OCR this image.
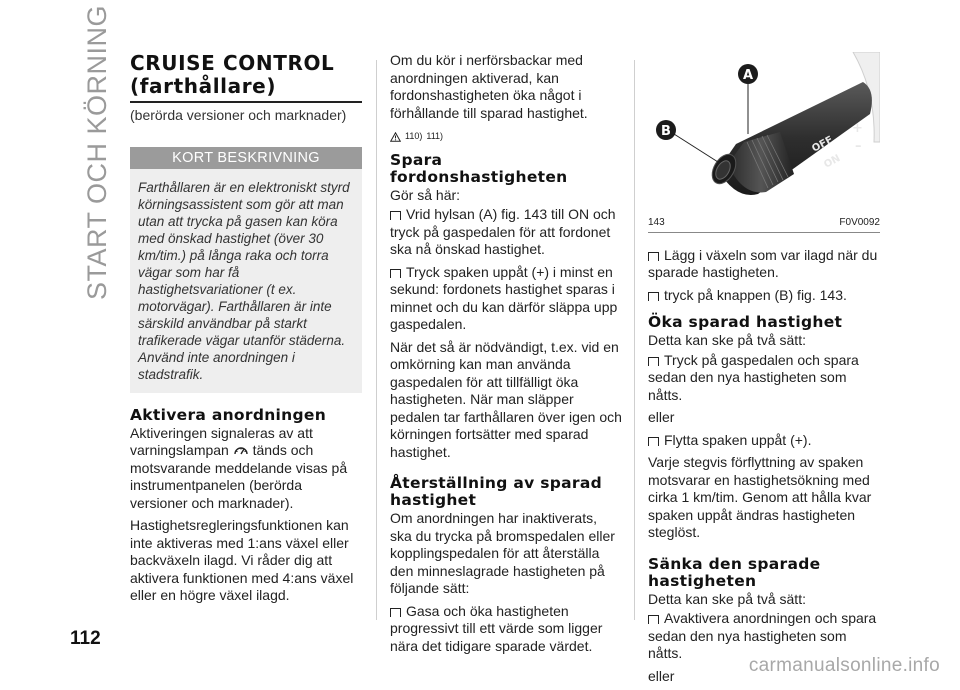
START OCH KÖRNING CRUISE CONTROL
(farthållare)
(berörda versioner och marknader)
KORT BESKRIVNING
Farthållaren är en elektroniskt styrd körningsassistent som gör att man utan att trycka på gasen kan köra med önskad hastighet (över 30 km/tim.) på långa raka och torra vägar som har få hastighetsvariationer (t ex. motorvägar). Farthållaren är inte särskild användbar på starkt trafikerade vägar utanför städerna. Använd inte anordningen i stadstrafik.
Aktivera anordningen

Aktiveringen signaleras av att varningslampan tänds och motsvarande meddelande visas på instrumentpanelen (berörda versioner och marknader).

Hastighetsregleringsfunktionen kan inte aktiveras med 1:ans växel eller backväxeln ilagd. Vi råder dig att aktivera funktionen med 4:ans växel eller en högre växel ilagd.

Om du kör i nerförsbackar med anordningen aktiverad, kan fordonshastigheten öka något i förhållande till sparad hastighet.

110) 111)
Spara fordonshastigheten

Gör så här:

Vrid hylsan (A) fig. 143 till ON och tryck på gaspedalen för att fordonet ska nå önskad hastighet.

Tryck spaken uppåt (+) i minst en sekund: fordonets hastighet sparas i minnet och du kan därför släppa upp gaspedalen.

När det så är nödvändigt, t.ex. vid en omkörning kan man använda gaspedalen för att tillfälligt öka hastigheten. När man släpper pedalen tar farthållaren över igen och körningen fortsätter med sparad hastighet.

Återställning av sparad hastighet

Om anordningen har inaktiverats, ska du trycka på bromspedalen eller kopplingspedalen för att återställa den minneslagrade hastigheten på följande sätt:

Gasa och öka hastigheten progressivt till ett värde som ligger nära det tidigare sparade värdet.

OFF
ON
+
–
A
B
143	F0V0092

Lägg i växeln som var ilagd när du sparade hastigheten.

tryck på knappen (B) fig. 143.

Öka sparad hastighet

Detta kan ske på två sätt:

Tryck på gaspedalen och spara sedan den nya hastigheten som nåtts.

eller

Flytta spaken uppåt (+).

Varje stegvis förflyttning av spaken motsvarar en hastighetsökning med cirka 1 km/tim. Genom att hålla kvar spaken uppåt ändras hastigheten steglöst.

Sänka den sparade hastigheten

Detta kan ske på två sätt:

Avaktivera anordningen och spara sedan den nya hastigheten som nåtts.

eller

112
carmanualsonline.info
